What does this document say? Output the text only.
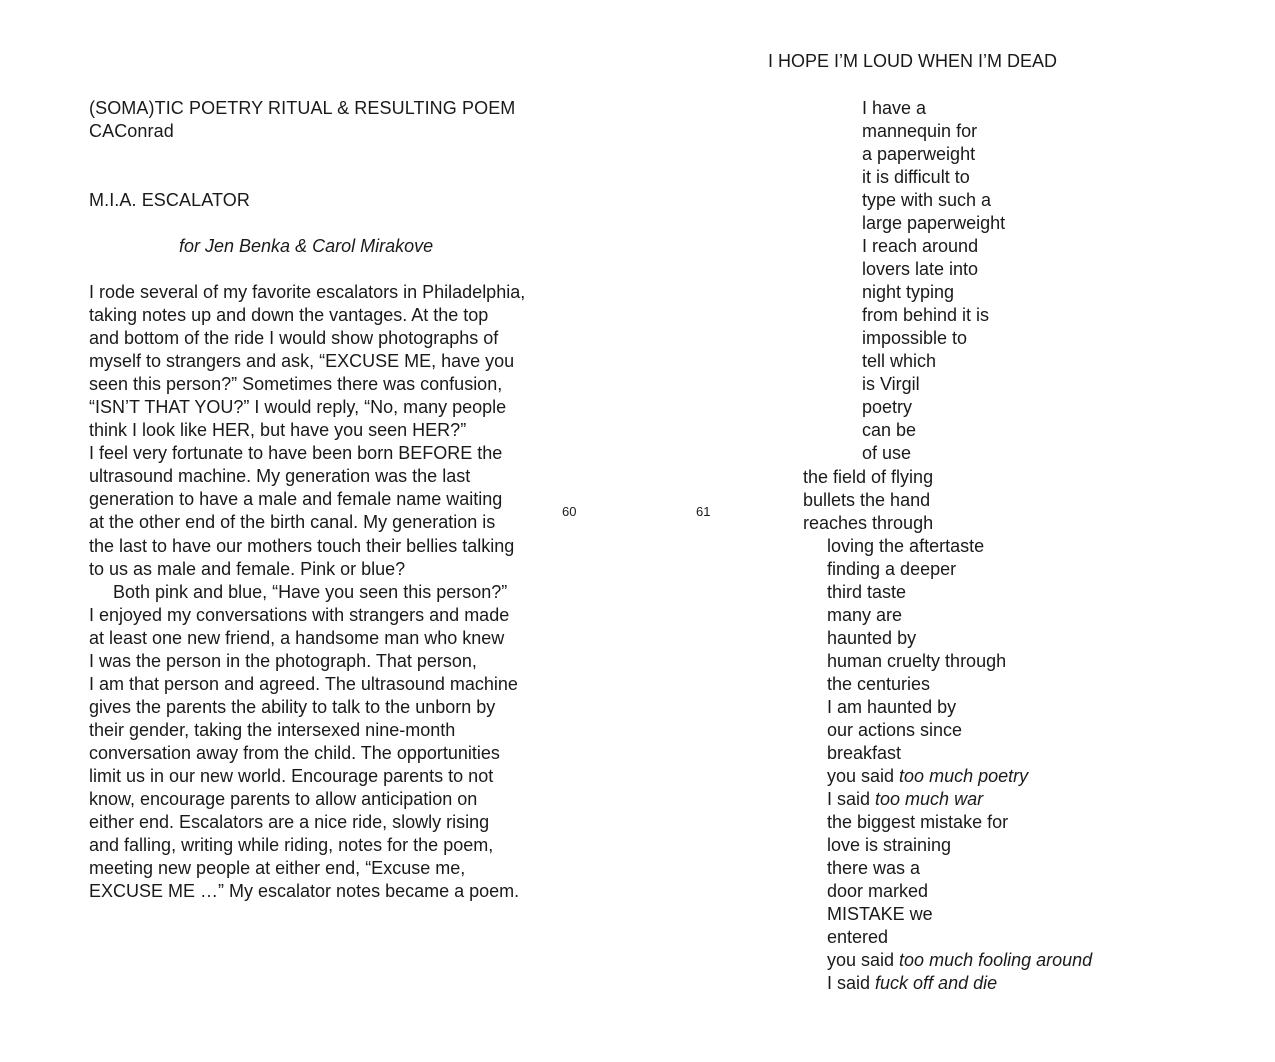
(SOMA)TIC POETRY RITUAL & RESULTING POEM
CAConrad
M.I.A. ESCALATOR
for Jen Benka & Carol Mirakove
I rode several of my favorite escalators in Philadelphia,
taking notes up and down the vantages. At the top
and bottom of the ride I would show photographs of
myself to strangers and ask, “EXCUSE ME, have you
seen this person?” Sometimes there was confusion,
“ISN’T THAT YOU?” I would reply, “No, many people
think I look like HER, but have you seen HER?”
I feel very fortunate to have been born BEFORE the
ultrasound machine. My generation was the last
generation to have a male and female name waiting
at the other end of the birth canal. My generation is
the last to have our mothers touch their bellies talking
to us as male and female. Pink or blue?
Both pink and blue, “Have you seen this person?”
I enjoyed my conversations with strangers and made
at least one new friend, a handsome man who knew
I was the person in the photograph. That person,
I am that person and agreed. The ultrasound machine
gives the parents the ability to talk to the unborn by
their gender, taking the intersexed nine-month
conversation away from the child. The opportunities
limit us in our new world. Encourage parents to not
know, encourage parents to allow anticipation on
either end. Escalators are a nice ride, slowly rising
and falling, writing while riding, notes for the poem,
meeting new people at either end, “Excuse me,
EXCUSE ME …” My escalator notes became a poem.
60	61
I HOPE I’M LOUD WHEN I’M DEAD
I have a
mannequin for
a paperweight
it is difficult to
type with such a
large paperweight
I reach around
lovers late into
night typing
from behind it is
impossible to
tell which
is Virgil
poetry
can be
of use
the field of flying
bullets the hand
reaches through
loving the aftertaste
finding a deeper
third taste
many are
haunted by
human cruelty through
the centuries
I am haunted by
our actions since
breakfast
you said too much poetry
I said too much war
the biggest mistake for
love is straining
there was a
door marked
MISTAKE we
entered
you said too much fooling around
I said fuck off and die
